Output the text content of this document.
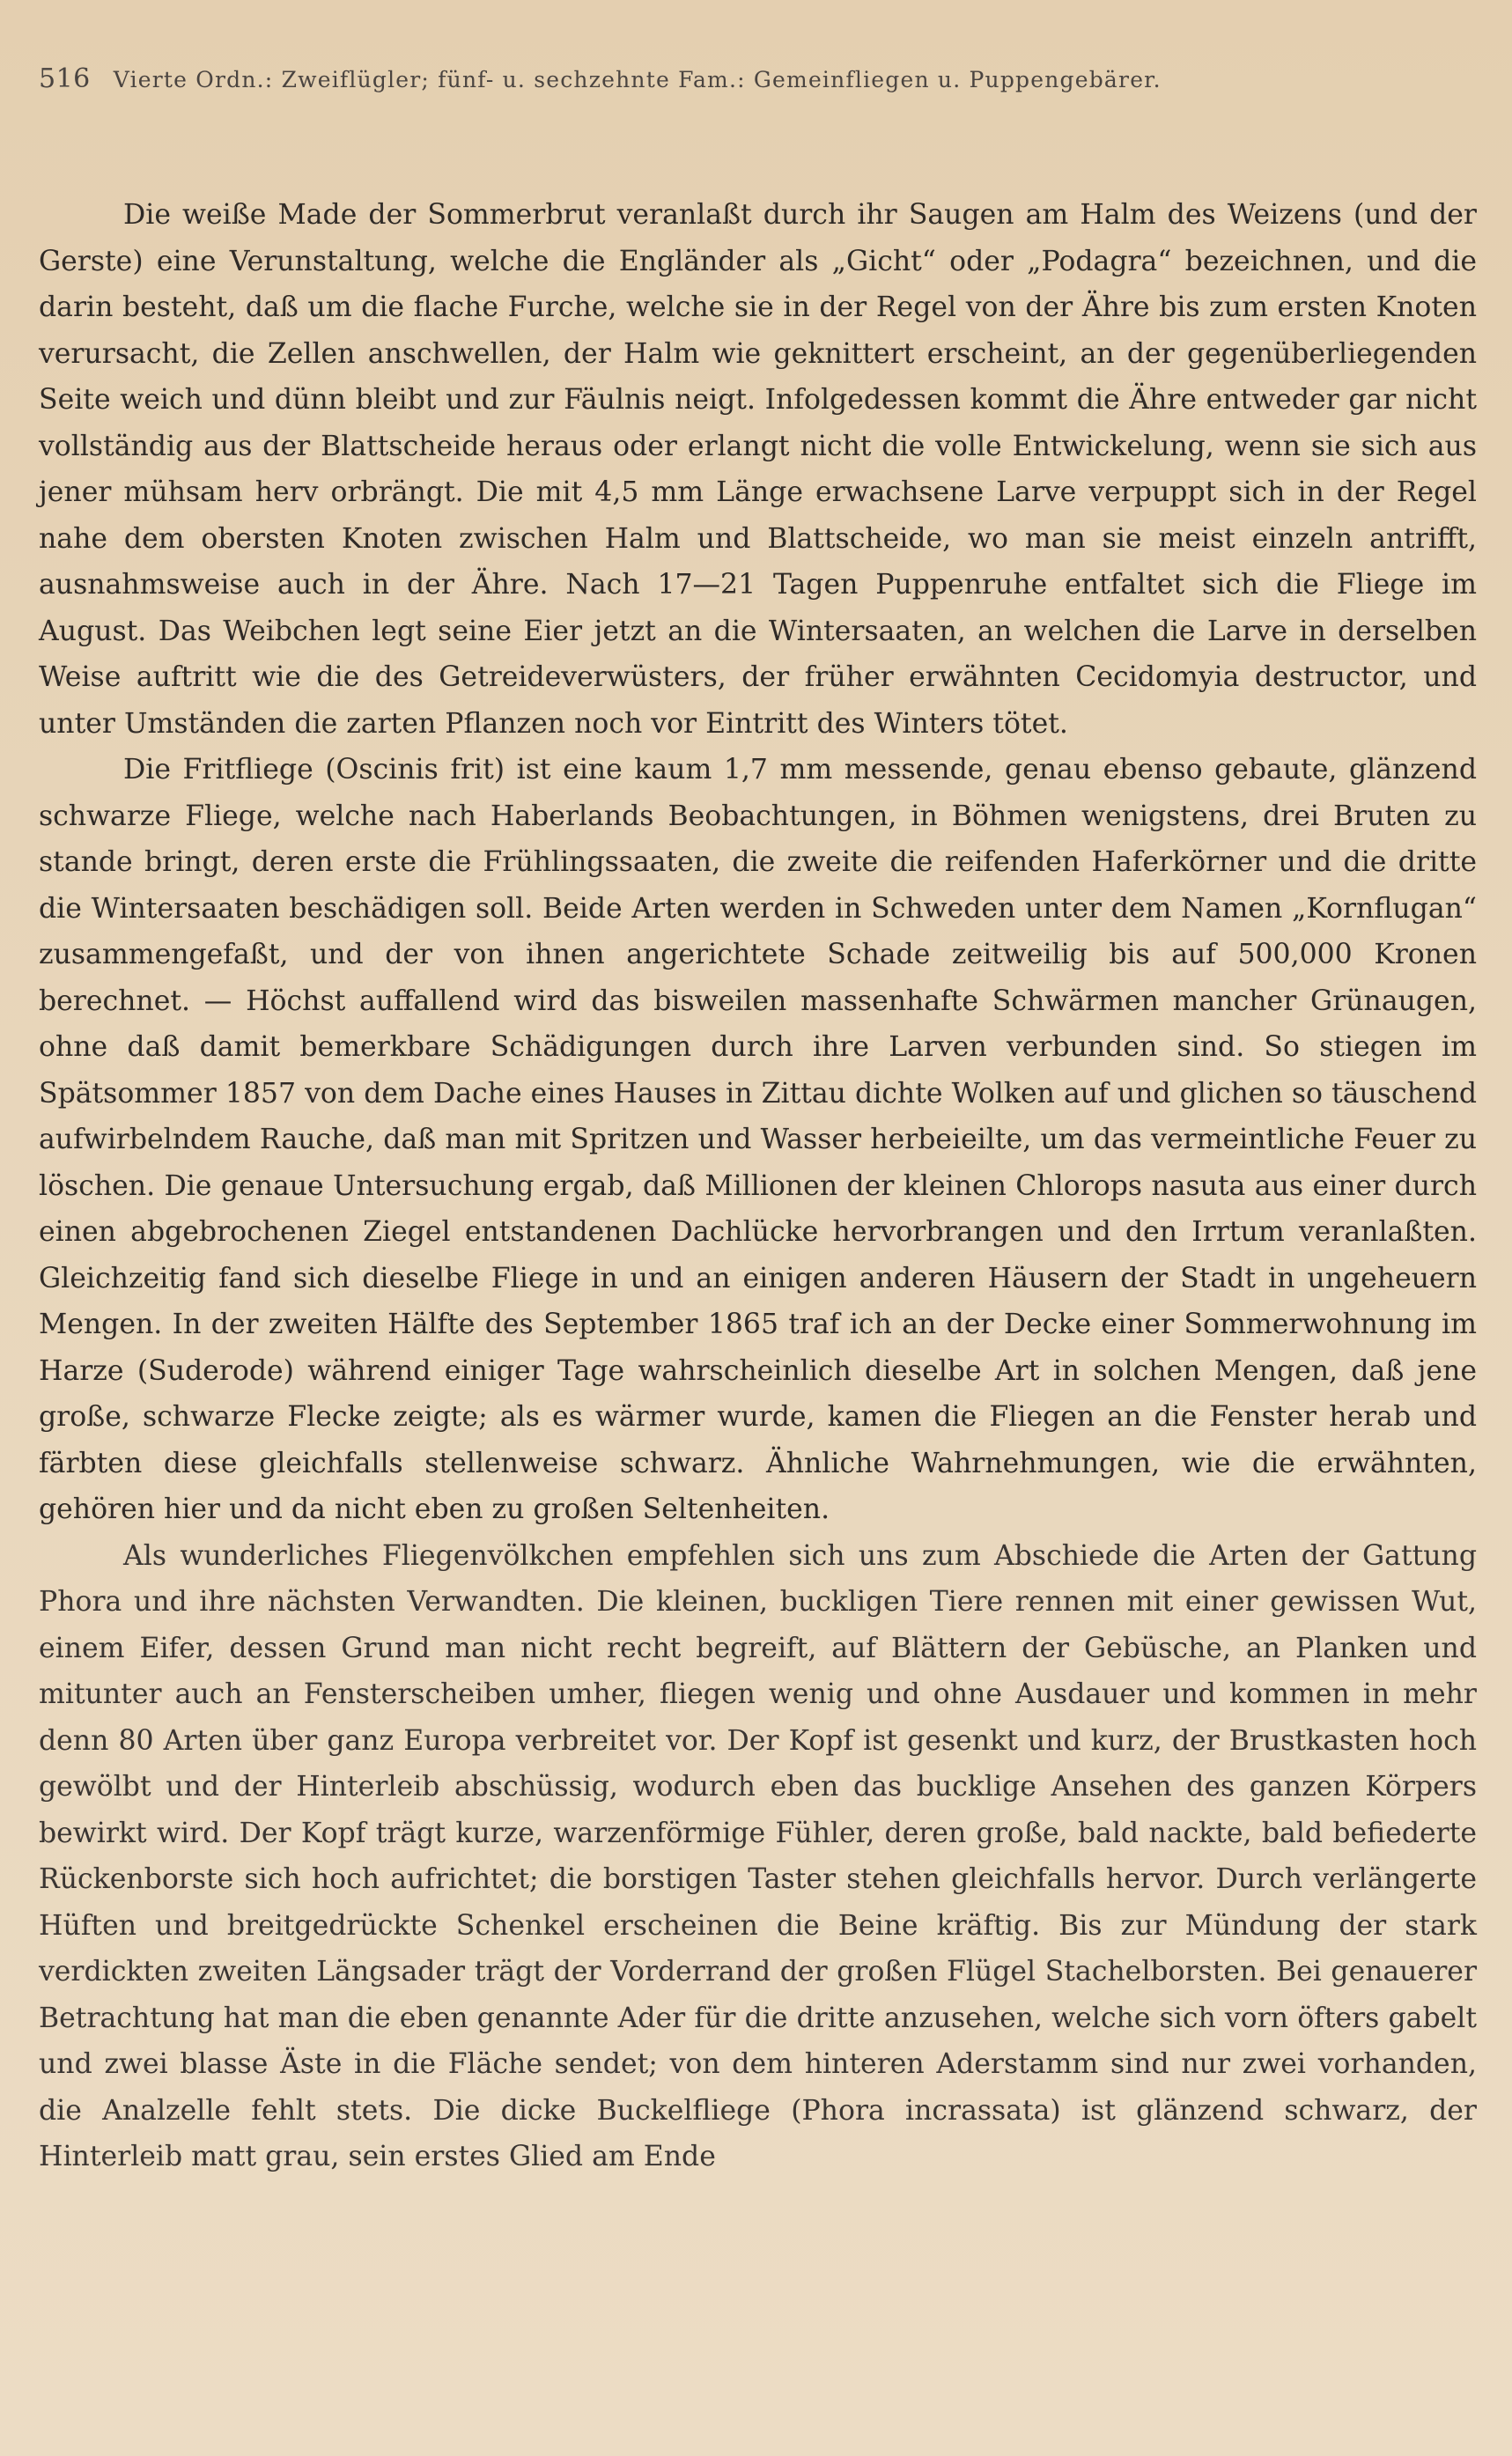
516 Vierte Ordn.: Zweiflügler; fünf- u. sechzehnte Fam.: Gemeinfliegen u. Puppengebärer.

Die weiße Made der Sommerbrut veranlaßt durch ihr Saugen am Halm des Weizens (und der Gerste) eine Verunstaltung, welche die Engländer als „Gicht“ oder „Podagra“ bezeichnen, und die darin besteht, daß um die flache Furche, welche sie in der Regel von der Ähre bis zum ersten Knoten verursacht, die Zellen anschwellen, der Halm wie geknittert erscheint, an der gegenüberliegenden Seite weich und dünn bleibt und zur Fäulnis neigt. Infolgedessen kommt die Ähre entweder gar nicht vollständig aus der Blattscheide heraus oder erlangt nicht die volle Entwickelung, wenn sie sich aus jener mühsam herv orbrängt. Die mit 4,5 mm Länge erwachsene Larve verpuppt sich in der Regel nahe dem obersten Knoten zwischen Halm und Blattscheide, wo man sie meist einzeln antrifft, ausnahmsweise auch in der Ähre. Nach 17—21 Tagen Puppenruhe entfaltet sich die Fliege im August. Das Weibchen legt seine Eier jetzt an die Wintersaaten, an welchen die Larve in derselben Weise auftritt wie die des Getreideverwüsters, der früher erwähnten Cecidomyia destructor, und unter Umständen die zarten Pflanzen noch vor Eintritt des Winters tötet.

Die Fritfliege (Oscinis frit) ist eine kaum 1,7 mm messende, genau ebenso gebaute, glänzend schwarze Fliege, welche nach Haberlands Beobachtungen, in Böhmen wenigstens, drei Bruten zu stande bringt, deren erste die Frühlingssaaten, die zweite die reifenden Haferkörner und die dritte die Wintersaaten beschädigen soll. Beide Arten werden in Schweden unter dem Namen „Kornflugan“ zusammengefaßt, und der von ihnen angerichtete Schade zeitweilig bis auf 500,000 Kronen berechnet. — Höchst auffallend wird das bisweilen massenhafte Schwärmen mancher Grünaugen, ohne daß damit bemerkbare Schädigungen durch ihre Larven verbunden sind. So stiegen im Spätsommer 1857 von dem Dache eines Hauses in Zittau dichte Wolken auf und glichen so täuschend aufwirbelndem Rauche, daß man mit Spritzen und Wasser herbeieilte, um das vermeintliche Feuer zu löschen. Die genaue Untersuchung ergab, daß Millionen der kleinen Chlorops nasuta aus einer durch einen abgebrochenen Ziegel entstandenen Dachlücke hervorbrangen und den Irrtum veranlaßten. Gleichzeitig fand sich dieselbe Fliege in und an einigen anderen Häusern der Stadt in ungeheuern Mengen. In der zweiten Hälfte des September 1865 traf ich an der Decke einer Sommerwohnung im Harze (Suderode) während einiger Tage wahrscheinlich dieselbe Art in solchen Mengen, daß jene große, schwarze Flecke zeigte; als es wärmer wurde, kamen die Fliegen an die Fenster herab und färbten diese gleichfalls stellenweise schwarz. Ähnliche Wahrnehmungen, wie die erwähnten, gehören hier und da nicht eben zu großen Seltenheiten.

Als wunderliches Fliegenvölkchen empfehlen sich uns zum Abschiede die Arten der Gattung Phora und ihre nächsten Verwandten. Die kleinen, buckligen Tiere rennen mit einer gewissen Wut, einem Eifer, dessen Grund man nicht recht begreift, auf Blättern der Gebüsche, an Planken und mitunter auch an Fensterscheiben umher, fliegen wenig und ohne Ausdauer und kommen in mehr denn 80 Arten über ganz Europa verbreitet vor. Der Kopf ist gesenkt und kurz, der Brustkasten hoch gewölbt und der Hinterleib abschüssig, wodurch eben das bucklige Ansehen des ganzen Körpers bewirkt wird. Der Kopf trägt kurze, warzenförmige Fühler, deren große, bald nackte, bald befiederte Rückenborste sich hoch aufrichtet; die borstigen Taster stehen gleichfalls hervor. Durch verlängerte Hüften und breitgedrückte Schenkel erscheinen die Beine kräftig. Bis zur Mündung der stark verdickten zweiten Längsader trägt der Vorderrand der großen Flügel Stachelborsten. Bei genauerer Betrachtung hat man die eben genannte Ader für die dritte anzusehen, welche sich vorn öfters gabelt und zwei blasse Äste in die Fläche sendet; von dem hinteren Aderstamm sind nur zwei vorhanden, die Analzelle fehlt stets. Die dicke Buckelfliege (Phora incrassata) ist glänzend schwarz, der Hinterleib matt grau, sein erstes Glied am Ende
